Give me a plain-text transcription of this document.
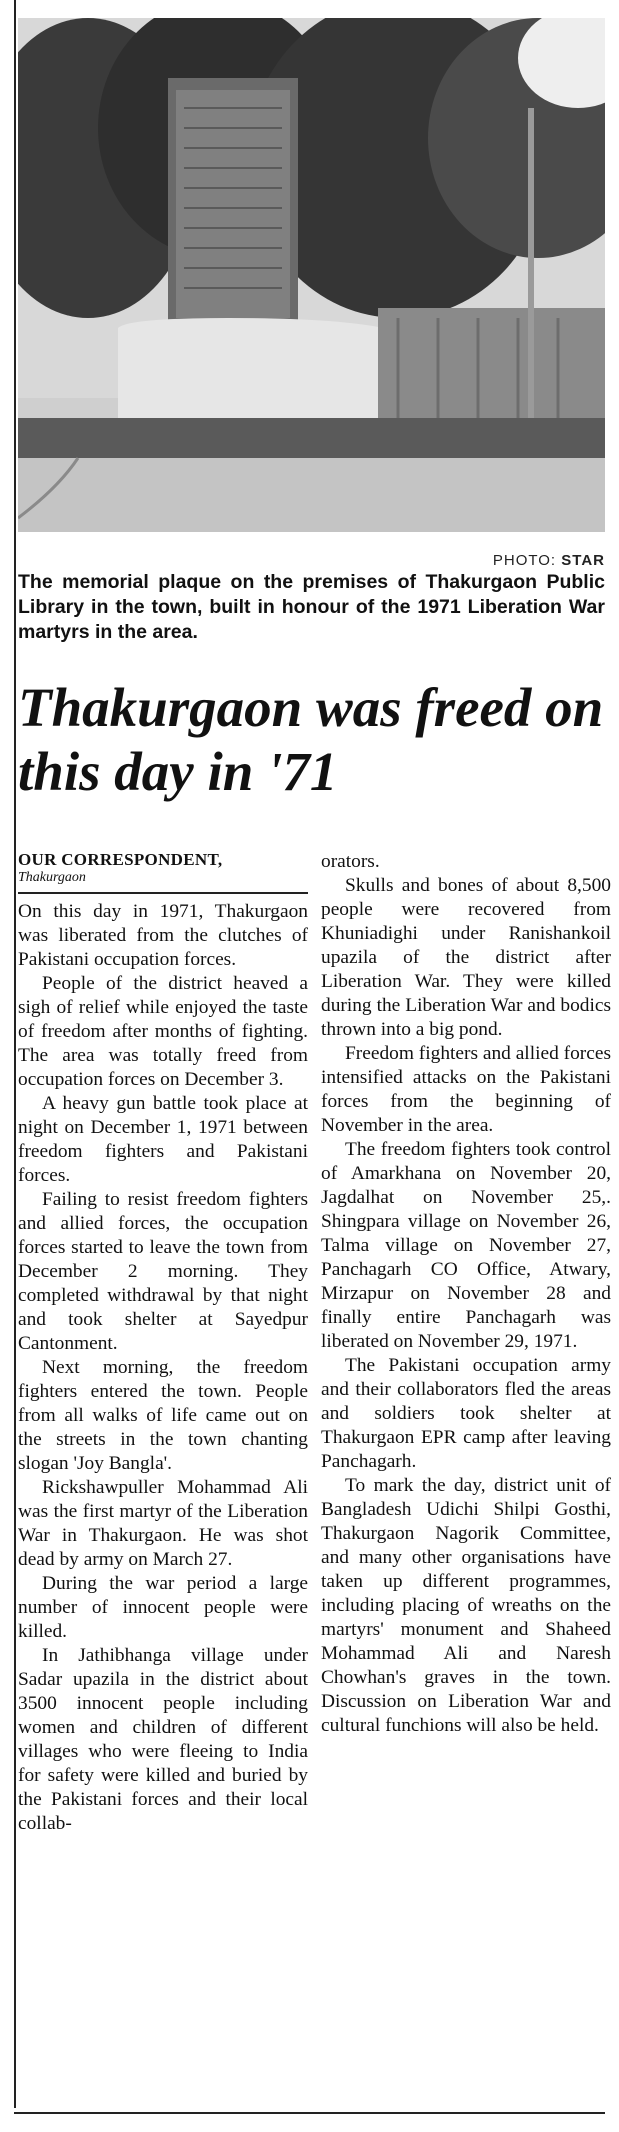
PHOTO: STAR
The memorial plaque on the premises of Thakurgaon Public Library in the town, built in honour of the 1971 Liberation War martyrs in the area.
Thakurgaon was freed on this day in '71
OUR CORRESPONDENT,
Thakurgaon

On this day in 1971, Thakurgaon was liberated from the clutches of Pakistani occupation forces.

People of the district heaved a sigh of relief while enjoyed the taste of freedom after months of fighting. The area was totally freed from occupation forces on December 3.

A heavy gun battle took place at night on December 1, 1971 between freedom fighters and Pakistani forces.

Failing to resist freedom fighters and allied forces, the occupation forces started to leave the town from December 2 morning. They completed withdrawal by that night and took shelter at Sayedpur Cantonment.

Next morning, the freedom fighters entered the town. People from all walks of life came out on the streets in the town chanting slogan 'Joy Bangla'.

Rickshawpuller Mohammad Ali was the first martyr of the Liberation War in Thakurgaon. He was shot dead by army on March 27.

During the war period a large number of innocent people were killed.

In Jathibhanga village under Sadar upazila in the district about 3500 innocent people including women and children of different villages who were fleeing to India for safety were killed and buried by the Pakistani forces and their local collab-

orators.

Skulls and bones of about 8,500 people were recovered from Khuniadighi under Ranishankoil upazila of the district after Liberation War. They were killed during the Liberation War and bodics thrown into a big pond.

Freedom fighters and allied forces intensified attacks on the Pakistani forces from the beginning of November in the area.

The freedom fighters took control of Amarkhana on November 20, Jagdalhat on November 25,. Shingpara village on November 26, Talma village on November 27, Panchagarh CO Office, Atwary, Mirzapur on November 28 and finally entire Panchagarh was liberated on November 29, 1971.

The Pakistani occupation army and their collaborators fled the areas and soldiers took shelter at Thakurgaon EPR camp after leaving Panchagarh.

To mark the day, district unit of Bangladesh Udichi Shilpi Gosthi, Thakurgaon Nagorik Committee, and many other organisations have taken up different programmes, including placing of wreaths on the martyrs' monument and Shaheed Mohammad Ali and Naresh Chowhan's graves in the town. Discussion on Liberation War and cultural funchions will also be held.
